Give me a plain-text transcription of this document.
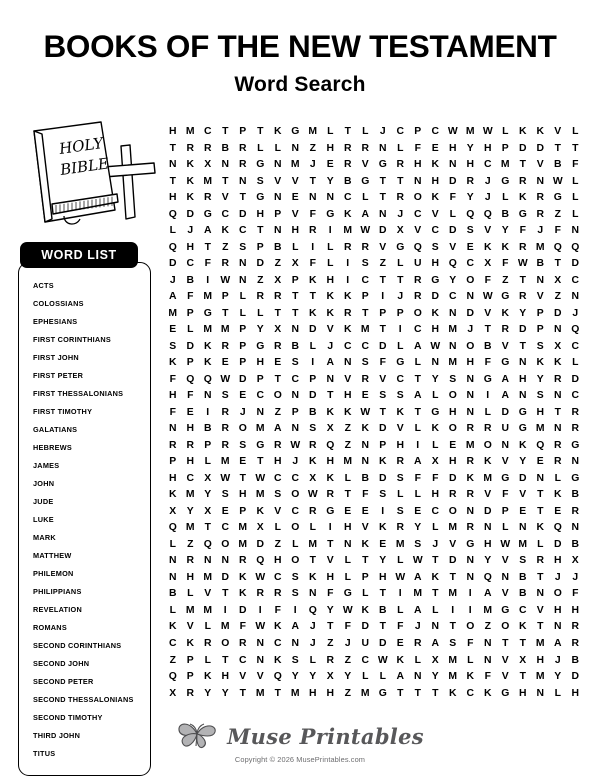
BOOKS OF THE NEW TESTAMENT
Word Search
HOLY
BIBLE
WORD LIST
ACTS
COLOSSIANS
EPHESIANS
FIRST CORINTHIANS
FIRST JOHN
FIRST PETER
FIRST THESSALONIANS
FIRST TIMOTHY
GALATIANS
HEBREWS
JAMES
JOHN
JUDE
LUKE
MARK
MATTHEW
PHILEMON
PHILIPPIANS
REVELATION
ROMANS
SECOND CORINTHIANS
SECOND JOHN
SECOND PETER
SECOND THESSALONIANS
SECOND TIMOTHY
THIRD JOHN
TITUS
H M C	T	P	T	K G M L	T	L	J	C P C W M W L	K K V	L
T	R R B R	L	L	N	Z	H R R N	L	F	E H Y H P D D	T	T
N K X N R G N M J	E R V G R H K N H C M T	V B	F
T	K M T	N S	V	V	T	Y B G T	T	N H D R	J	G R N W L
H K R V	T G N E N N C	L	T	R O K	F	Y	J	L	K R G L
Q D G C D H P	V	F G K A N	J	C V	L Q Q B G R	Z	L
L	J	A K C	T	N H R	I	M W D X	V C D S	V	Y	F	J	F	N
Q H	T	Z	S	P B	L	I	L	R R V G Q S	V	E K K R M Q Q
D C	F	R N D	Z	X	F	L	I	S	Z	L	U H Q C X	F W B	T	D
J	B	I	W N	Z	X	P K H	I	C	T	T	R G Y O F	Z	T	N X C
A	F M P	L	R R	T	T	K K P	I	J	R D C N W G R V	Z	N
M P G T	L	L	T	T	K K R	T	P	P O K N D V K Y	P D	J
E	L M M P	Y	X N D V K M T	I	C H M J	T	R D P N Q
S D K R P G R B	L	J	C C D	L	A W N O B V	T	S	X C
K P K E	P H E	S	I	A N S	F G L	N M H	F G N K K	L
F Q Q W D P	T	C P N V R V C	T	Y	S N G A H Y R D
H	F	N S	E C O N D	T	H E	S	S A	L O N	I	A N S N C
F	E	I	R	J	N	Z	P B K K W T	K	T G H N	L	D G H	T	R
N H B R O M A N S	X	Z	K D V	L	K O R R U G M N R
R R P R S G R W R Q Z	N P H	I	L	E M O N K Q R G
P H	L M E	T	H	J	K H M N K R A X H R K V	Y	E R N
H C X W T W C C X K	L	B D S	F	F	D K M G D N	L G
K M Y	S H M S O W R	T	F	S	L	L	H R R V	F	V	T	K B
X	Y	X	E	P K V C R G E	E	I	S	E C O N D P	E	T	E R
Q M T	C M X	L O L	I	H V K R Y	L M R N	L	N K Q N
L	Z Q O M D	Z	L M T	N K E M S	J	V G H W M L	D B
N R N N R Q H O T	V	L	T	Y	L W T	D N Y	V	S R H X
N H M D K W C S K H	L	P H W A K	T	N Q N B	T	J	J
B	L	V	T	K R R S N	F G L	T	I	M T M	I	A V B N O F
L M M	I	D	I	F	I	Q Y W K B	L	A	L	I	I	M G C V H H
K V	L M F W K A	J	T	F	D	T	F	J	N	T O Z O K	T	N R
C K R O R N C N	J	Z	J	U D E R A S	F	N	T	T M A R
Z	P	L	T	C N K S	L	R	Z	C W K	L	X M L	N V	X H	J	B
Q P K H V	V Q Y	Y	X	Y	L	L	A N Y M K	F	V	T M Y D
X R Y	Y	T M T M H H	Z M G T	T	T	K C K G H N	L	H
Muse Printables
Copyright © 2026 MusePrintables.com
